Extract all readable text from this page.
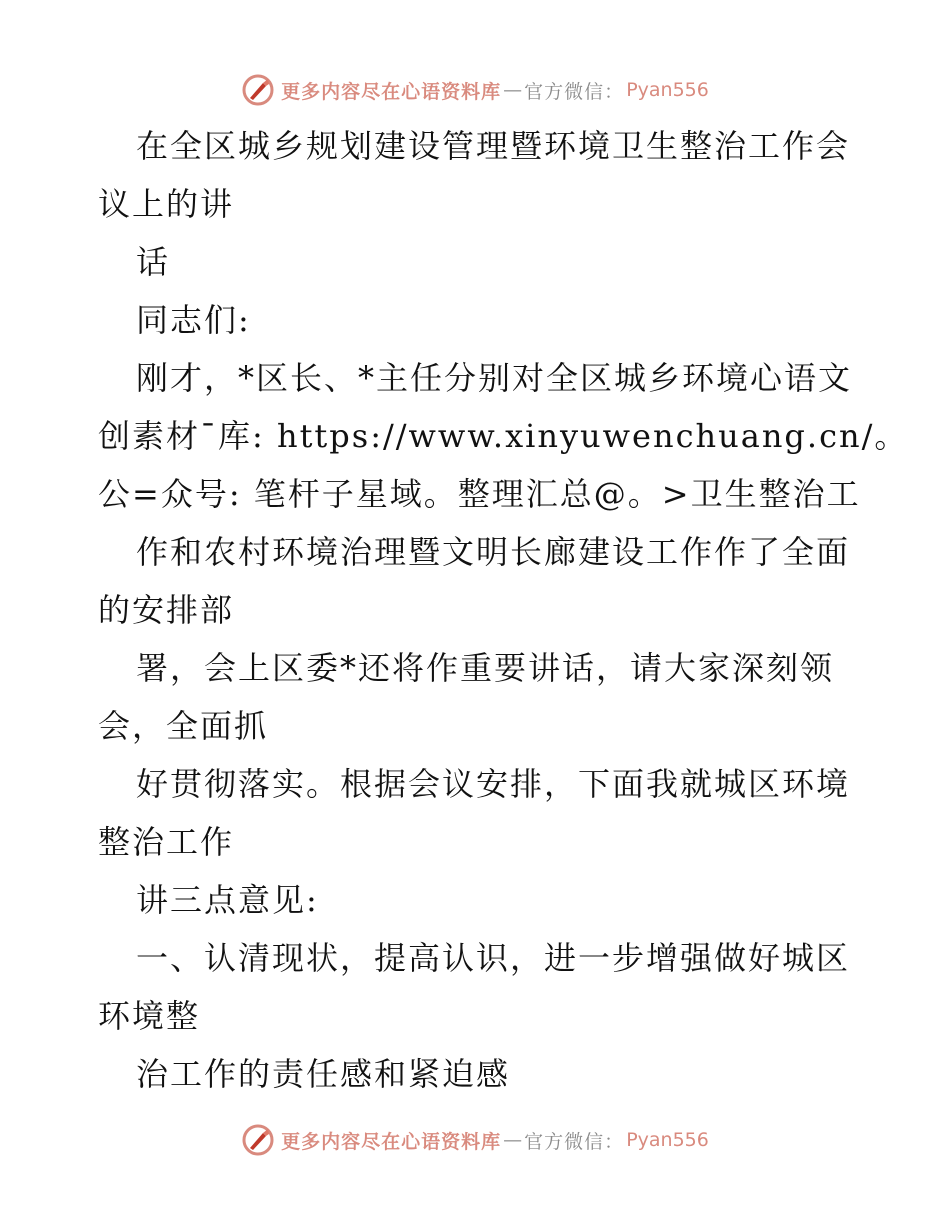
更多内容尽在心语资料库 — 官方微信： Pyan556
在全区城乡规划建设管理暨环境卫生整治工作会
议上的讲
话
同志们:
刚才，*区长、*主任分别对全区城乡环境心语文
创素材¯库: https://www.xinyuwenchuang.cn/。
公=众号: 笔杆子星域。整理汇总@。>卫生整治工
作和农村环境治理暨文明长廊建设工作作了全面
的安排部
署，会上区委*还将作重要讲话，请大家深刻领
会，全面抓
好贯彻落实。根据会议安排，下面我就城区环境
整治工作
讲三点意见:
一、认清现状，提高认识，进一步增强做好城区
环境整
治工作的责任感和紧迫感
更多内容尽在心语资料库 — 官方微信： Pyan556
